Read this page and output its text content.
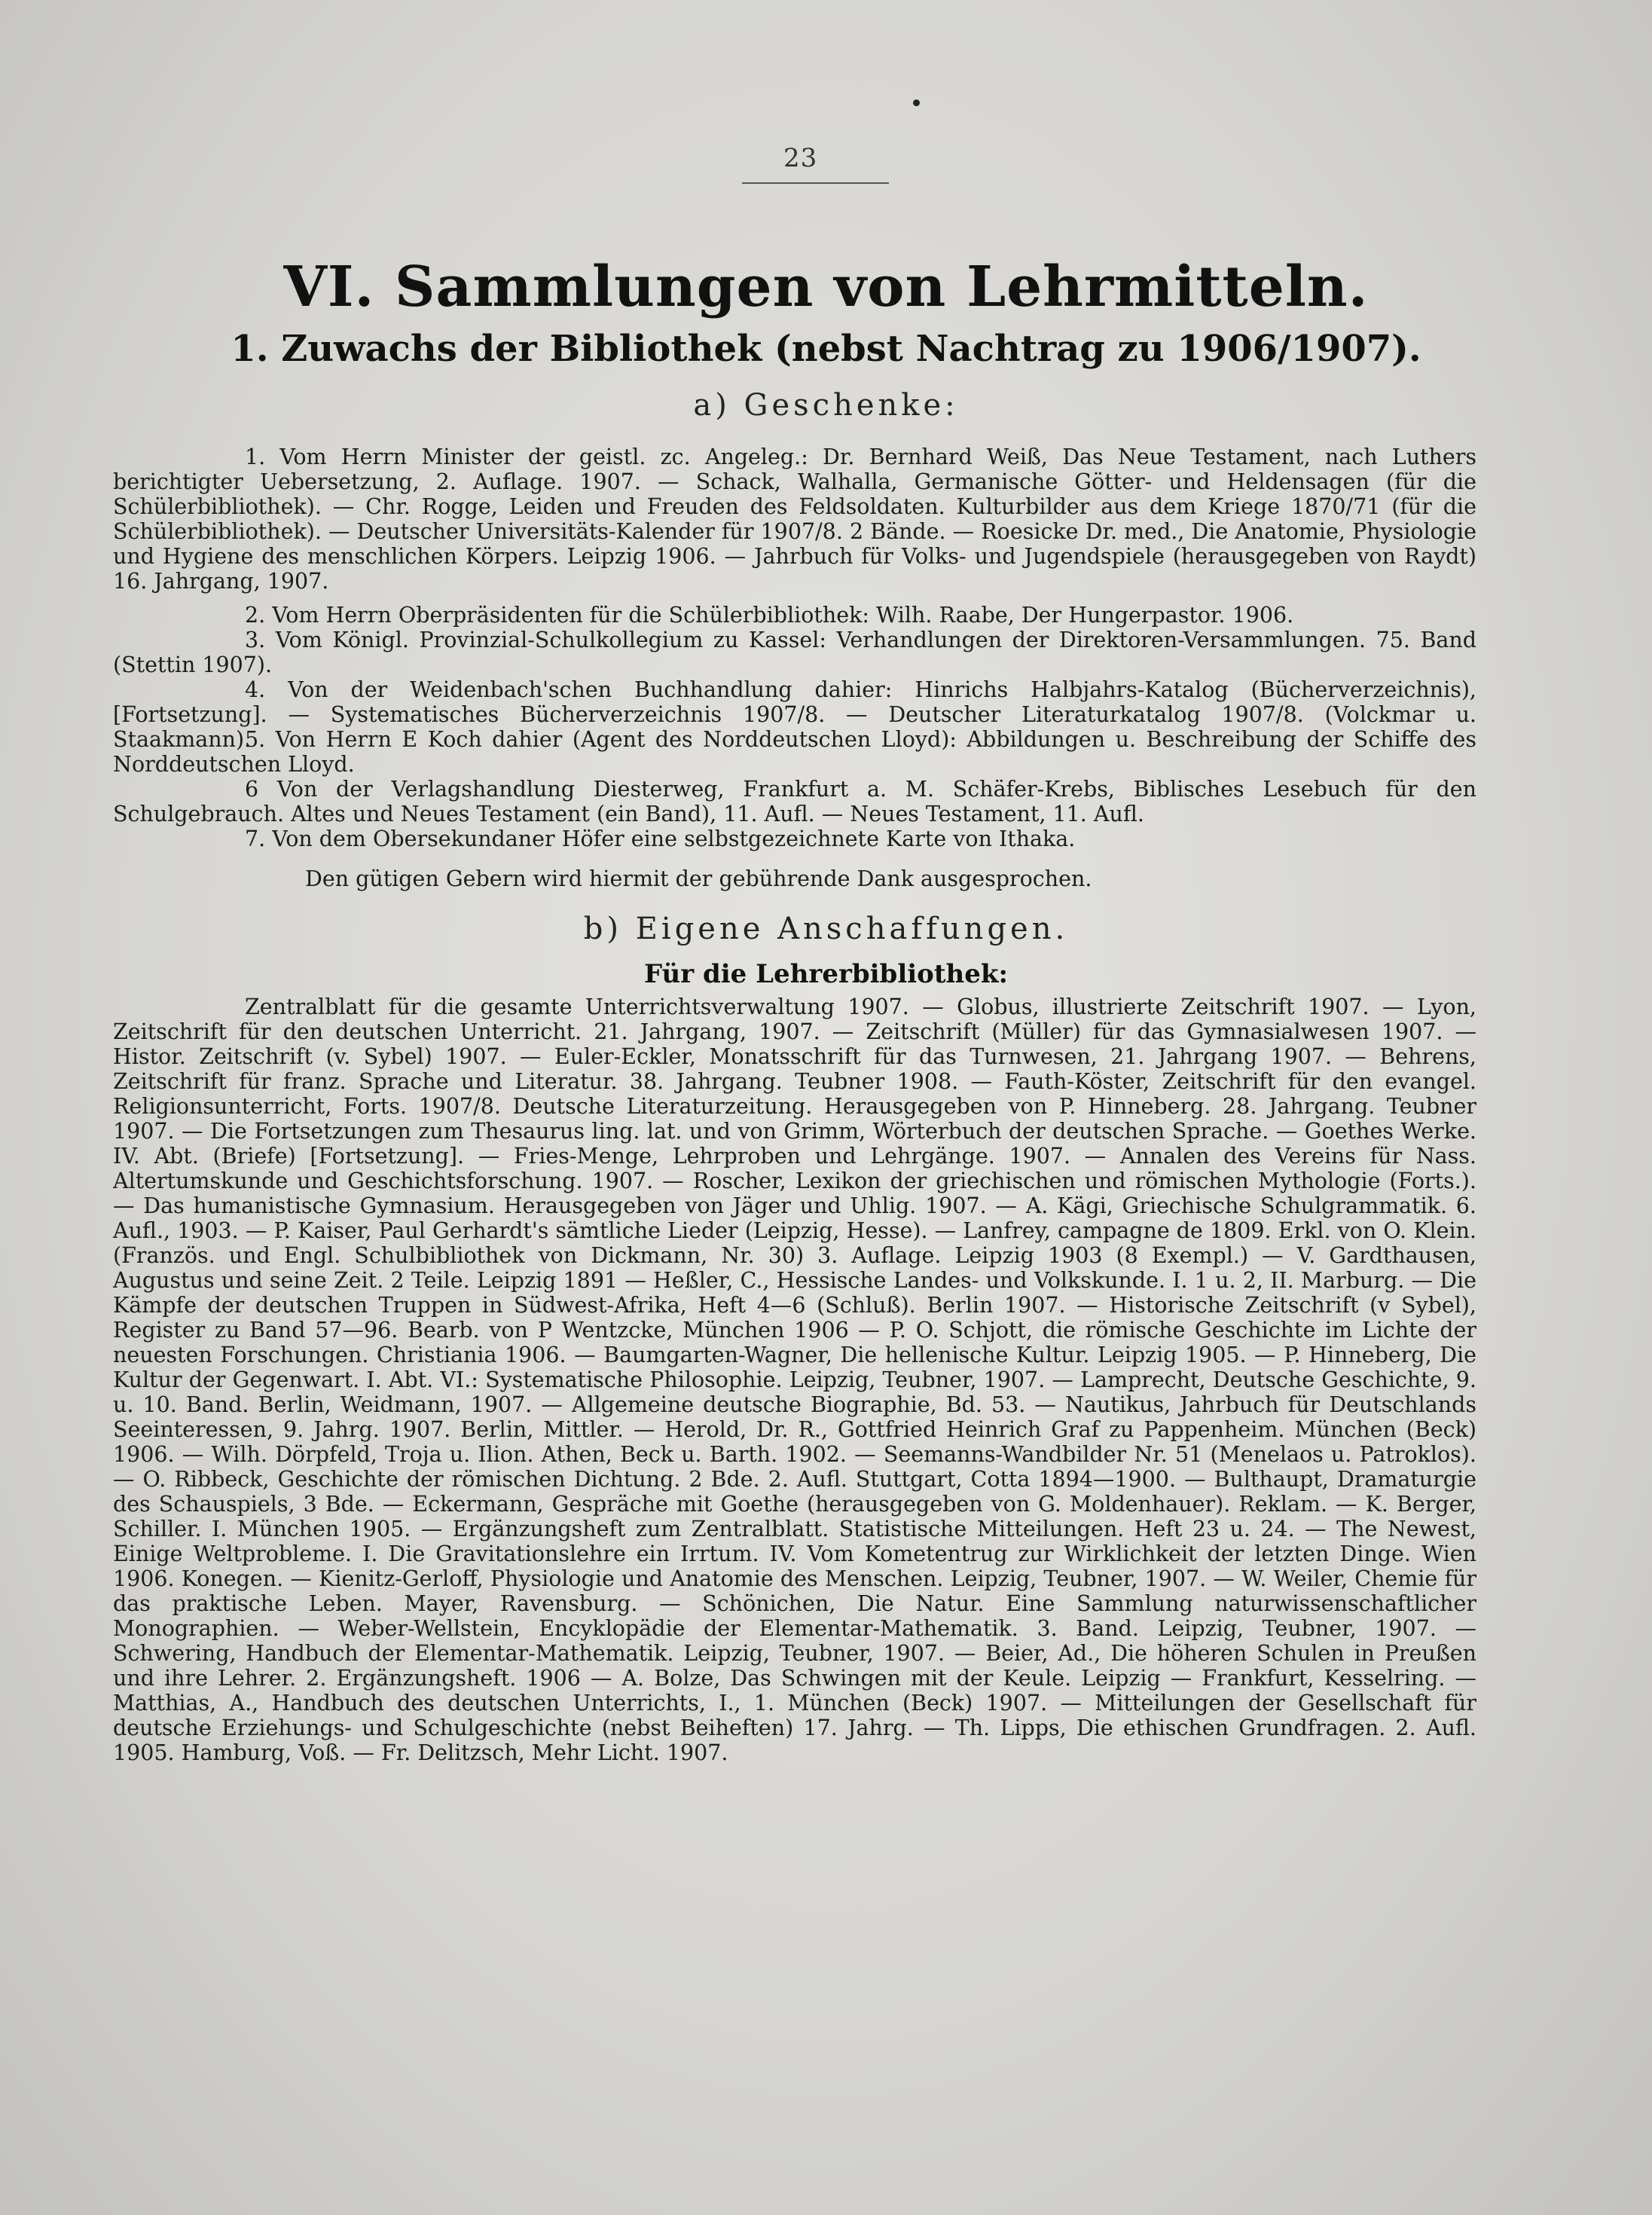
23
VI. Sammlungen von Lehrmitteln.
1. Zuwachs der Bibliothek (nebst Nachtrag zu 1906/1907).
a) Geschenke:

1. Vom Herrn Minister der geistl. zc. Angeleg.: Dr. Bernhard Weiß, Das Neue Testament, nach Luthers berichtigter Uebersetzung, 2. Auflage. 1907. — Schack, Walhalla, Germanische Götter- und Heldensagen (für die Schülerbibliothek). — Chr. Rogge, Leiden und Freuden des Feldsoldaten. Kulturbilder aus dem Kriege 1870/71 (für die Schülerbibliothek). — Deutscher Universitäts-Kalender für 1907/8. 2 Bände. — Roesicke Dr. med., Die Anatomie, Physiologie und Hygiene des menschlichen Körpers. Leipzig 1906. — Jahrbuch für Volks- und Jugendspiele (herausgegeben von Raydt) 16. Jahrgang, 1907.

2. Vom Herrn Oberpräsidenten für die Schülerbibliothek: Wilh. Raabe, Der Hungerpastor. 1906.

3. Vom Königl. Provinzial-Schulkollegium zu Kassel: Verhandlungen der Direktoren-Versammlungen. 75. Band (Stettin 1907).

4. Von der Weidenbach'schen Buchhandlung dahier: Hinrichs Halbjahrs-Katalog (Bücherverzeichnis), [Fortsetzung]. — Systematisches Bücherverzeichnis 1907/8. — Deutscher Literaturkatalog 1907/8. (Volckmar u. Staakmann).

5. Von Herrn E Koch dahier (Agent des Norddeutschen Lloyd): Abbildungen u. Beschreibung der Schiffe des Norddeutschen Lloyd.

6 Von der Verlagshandlung Diesterweg, Frankfurt a. M. Schäfer-Krebs, Biblisches Lesebuch für den Schulgebrauch. Altes und Neues Testament (ein Band), 11. Aufl. — Neues Testament, 11. Aufl.

7. Von dem Obersekundaner Höfer eine selbstgezeichnete Karte von Ithaka.

Den gütigen Gebern wird hiermit der gebührende Dank ausgesprochen.
b) Eigene Anschaffungen.
Für die Lehrerbibliothek:

Zentralblatt für die gesamte Unterrichtsverwaltung 1907. — Globus, illustrierte Zeitschrift 1907. — Lyon, Zeitschrift für den deutschen Unterricht. 21. Jahrgang, 1907. — Zeitschrift (Müller) für das Gymnasialwesen 1907. — Histor. Zeitschrift (v. Sybel) 1907. — Euler-Eckler, Monatsschrift für das Turnwesen, 21. Jahrgang 1907. — Behrens, Zeitschrift für franz. Sprache und Literatur. 38. Jahrgang. Teubner 1908. — Fauth-Köster, Zeitschrift für den evangel. Religionsunterricht, Forts. 1907/8. Deutsche Literaturzeitung. Herausgegeben von P. Hinneberg. 28. Jahrgang. Teubner 1907. — Die Fortsetzungen zum Thesaurus ling. lat. und von Grimm, Wörterbuch der deutschen Sprache. — Goethes Werke. IV. Abt. (Briefe) [Fortsetzung]. — Fries-Menge, Lehrproben und Lehrgänge. 1907. — Annalen des Vereins für Nass. Altertumskunde und Geschichtsforschung. 1907. — Roscher, Lexikon der griechischen und römischen Mythologie (Forts.). — Das humanistische Gymnasium. Herausgegeben von Jäger und Uhlig. 1907. — A. Kägi, Griechische Schulgrammatik. 6. Aufl., 1903. — P. Kaiser, Paul Gerhardt's sämtliche Lieder (Leipzig, Hesse). — Lanfrey, campagne de 1809. Erkl. von O. Klein. (Französ. und Engl. Schulbibliothek von Dickmann, Nr. 30) 3. Auflage. Leipzig 1903 (8 Exempl.) — V. Gardthausen, Augustus und seine Zeit. 2 Teile. Leipzig 1891 — Heßler, C., Hessische Landes- und Volkskunde. I. 1 u. 2, II. Marburg. — Die Kämpfe der deutschen Truppen in Südwest-Afrika, Heft 4—6 (Schluß). Berlin 1907. — Historische Zeitschrift (v Sybel), Register zu Band 57—96. Bearb. von P Wentzcke, München 1906 — P. O. Schjott, die römische Geschichte im Lichte der neuesten Forschungen. Christiania 1906. — Baumgarten-Wagner, Die hellenische Kultur. Leipzig 1905. — P. Hinneberg, Die Kultur der Gegenwart. I. Abt. VI.: Systematische Philosophie. Leipzig, Teubner, 1907. — Lamprecht, Deutsche Geschichte, 9. u. 10. Band. Berlin, Weidmann, 1907. — Allgemeine deutsche Biographie, Bd. 53. — Nautikus, Jahrbuch für Deutschlands Seeinteressen, 9. Jahrg. 1907. Berlin, Mittler. — Herold, Dr. R., Gottfried Heinrich Graf zu Pappenheim. München (Beck) 1906. — Wilh. Dörpfeld, Troja u. Ilion. Athen, Beck u. Barth. 1902. — Seemanns-Wandbilder Nr. 51 (Menelaos u. Patroklos). — O. Ribbeck, Geschichte der römischen Dichtung. 2 Bde. 2. Aufl. Stuttgart, Cotta 1894—1900. — Bulthaupt, Dramaturgie des Schauspiels, 3 Bde. — Eckermann, Gespräche mit Goethe (herausgegeben von G. Moldenhauer). Reklam. — K. Berger, Schiller. I. München 1905. — Ergänzungsheft zum Zentralblatt. Statistische Mitteilungen. Heft 23 u. 24. — The Newest, Einige Weltprobleme. I. Die Gravitationslehre ein Irrtum. IV. Vom Kometentrug zur Wirklichkeit der letzten Dinge. Wien 1906. Konegen. — Kienitz-Gerloff, Physiologie und Anatomie des Menschen. Leipzig, Teubner, 1907. — W. Weiler, Chemie für das praktische Leben. Mayer, Ravensburg. — Schönichen, Die Natur. Eine Sammlung naturwissenschaftlicher Monographien. — Weber-Wellstein, Encyklopädie der Elementar-Mathematik. 3. Band. Leipzig, Teubner, 1907. — Schwering, Handbuch der Elementar-Mathematik. Leipzig, Teubner, 1907. — Beier, Ad., Die höheren Schulen in Preußen und ihre Lehrer. 2. Ergänzungsheft. 1906 — A. Bolze, Das Schwingen mit der Keule. Leipzig — Frankfurt, Kesselring. — Matthias, A., Handbuch des deutschen Unterrichts, I., 1. München (Beck) 1907. — Mitteilungen der Gesellschaft für deutsche Erziehungs- und Schulgeschichte (nebst Beiheften) 17. Jahrg. — Th. Lipps, Die ethischen Grundfragen. 2. Aufl. 1905. Hamburg, Voß. — Fr. Delitzsch, Mehr Licht. 1907.
